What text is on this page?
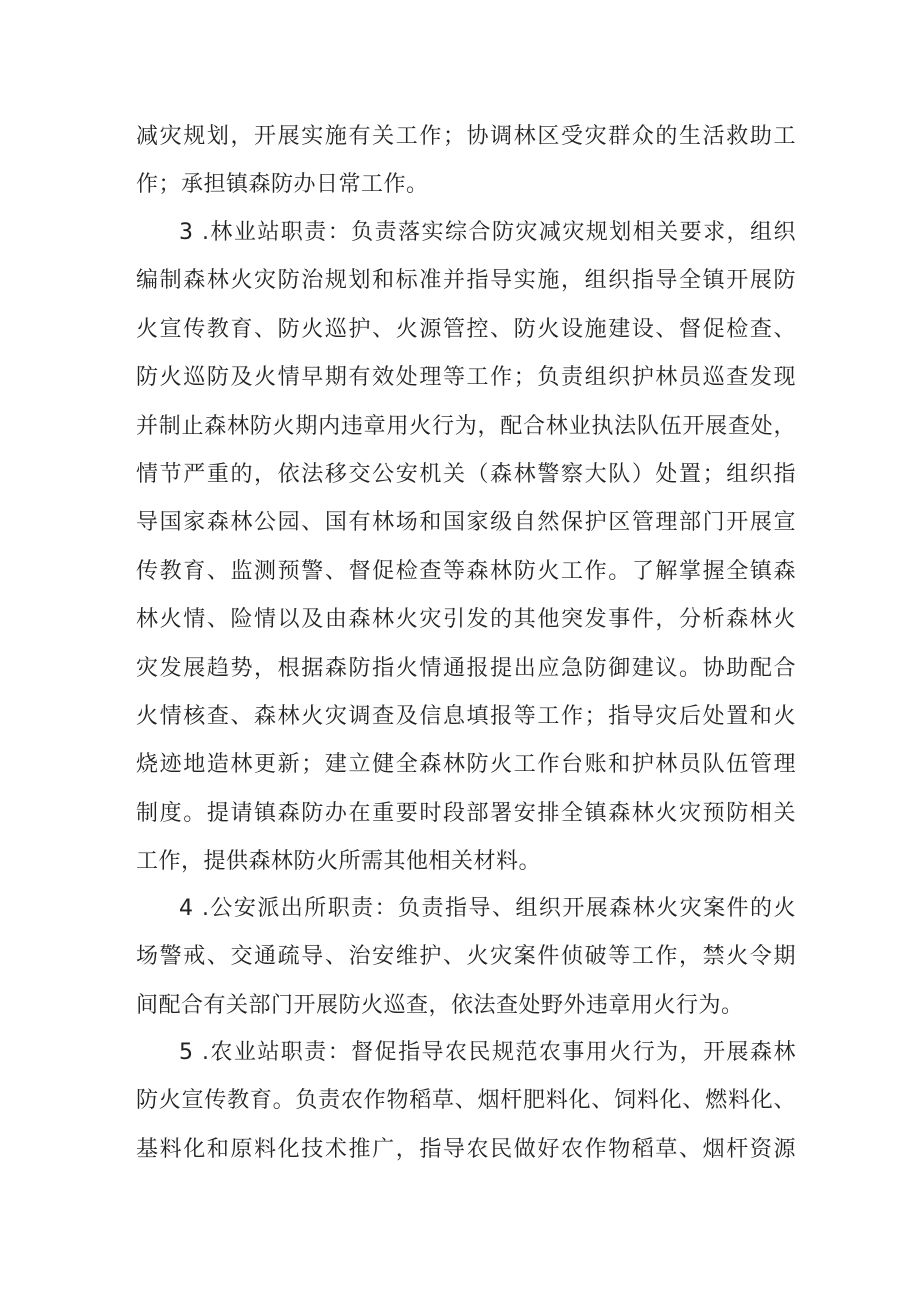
减灾规划，开展实施有关工作；协调林区受灾群众的生活救助工
作；承担镇森防办日常工作。
3 .林业站职责：负责落实综合防灾减灾规划相关要求，组织
编制森林火灾防治规划和标准并指导实施，组织指导全镇开展防
火宣传教育、防火巡护、火源管控、防火设施建设、督促检查、
防火巡防及火情早期有效处理等工作；负责组织护林员巡查发现
并制止森林防火期内违章用火行为，配合林业执法队伍开展查处，
情节严重的，依法移交公安机关（森林警察大队）处置；组织指
导国家森林公园、国有林场和国家级自然保护区管理部门开展宣
传教育、监测预警、督促检查等森林防火工作。了解掌握全镇森
林火情、险情以及由森林火灾引发的其他突发事件，分析森林火
灾发展趋势，根据森防指火情通报提出应急防御建议。协助配合
火情核查、森林火灾调查及信息填报等工作；指导灾后处置和火
烧迹地造林更新；建立健全森林防火工作台账和护林员队伍管理
制度。提请镇森防办在重要时段部署安排全镇森林火灾预防相关
工作，提供森林防火所需其他相关材料。
4 .公安派出所职责：负责指导、组织开展森林火灾案件的火
场警戒、交通疏导、治安维护、火灾案件侦破等工作，禁火令期
间配合有关部门开展防火巡查，依法查处野外违章用火行为。
5 .农业站职责：督促指导农民规范农事用火行为，开展森林
防火宣传教育。负责农作物稻草、烟杆肥料化、饲料化、燃料化、
基料化和原料化技术推广，指导农民做好农作物稻草、烟杆资源
